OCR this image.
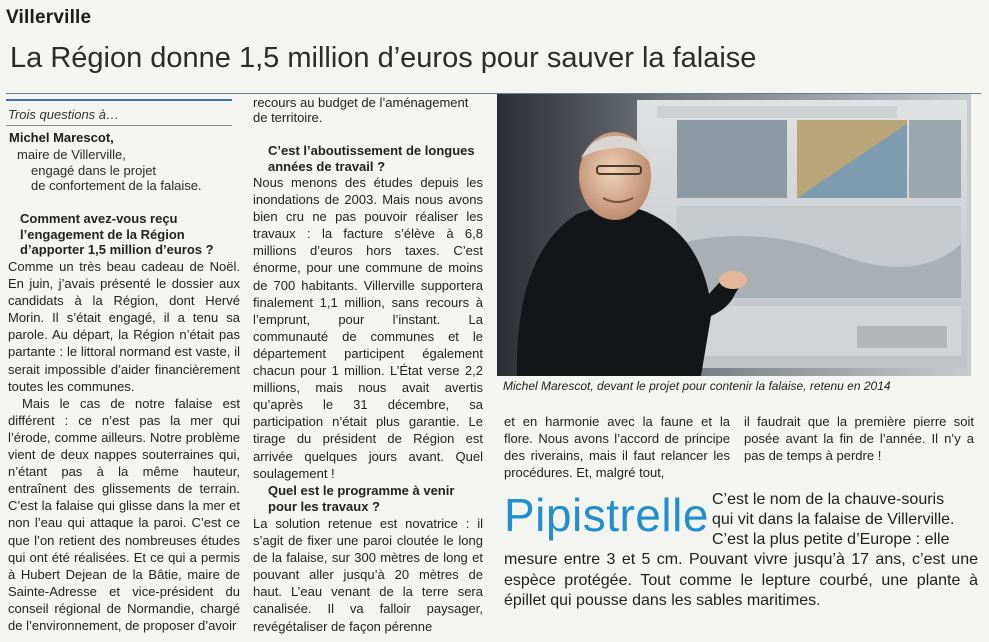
Villerville
La Région donne 1,5 million d’euros pour sauver la falaise
Trois questions à…
Michel Marescot,
maire de Villerville,
engagé dans le projet
de confortement de la falaise.
Comment avez-vous reçu l’engagement de la Région d’apporter 1,5 million d’euros ?

Comme un très beau cadeau de Noël. En juin, j’avais présenté le dossier aux candidats à la Région, dont Hervé Morin. Il s’était engagé, il a tenu sa parole. Au départ, la Région n’était pas partante : le littoral normand est vaste, il serait impossible d’aider financièrement toutes les communes.

Mais le cas de notre falaise est différent : ce n’est pas la mer qui l’érode, comme ailleurs. Notre problème vient de deux nappes souterraines qui, n’étant pas à la même hauteur, entraînent des glissements de terrain. C’est la falaise qui glisse dans la mer et non l’eau qui attaque la paroi. C’est ce que l’on retient des nombreuses études qui ont été réalisées. Et ce qui a permis à Hubert Dejean de la Bâtie, maire de Sainte-Adresse et vice-président du conseil régional de Normandie, chargé de l’environnement, de proposer d’avoir

recours au budget de l’aménagement de territoire.
C’est l’aboutissement de longues années de travail ?

Nous menons des études depuis les inondations de 2003. Mais nous avons bien cru ne pas pouvoir réaliser les travaux : la facture s’élève à 6,8 millions d’euros hors taxes. C’est énorme, pour une commune de moins de 700 habitants. Villerville supportera finalement 1,1 million, sans recours à l’emprunt, pour l’instant. La communauté de communes et le département participent également chacun pour 1 million. L’État verse 2,2 millions, mais nous avait avertis qu’après le 31 décembre, sa participation n’était plus garantie. Le tirage du président de Région est arrivée quelques jours avant. Quel soulagement !

Quel est le programme à venir pour les travaux ?

La solution retenue est novatrice : il s’agit de fixer une paroi cloutée le long de la falaise, sur 300 mètres de long et pouvant aller jusqu’à 20 mètres de haut. L’eau venant de la terre sera canalisée. Il va falloir paysager, revégétaliser de façon pérenne

Michel Marescot, devant le projet pour contenir la falaise, retenu en 2014

et en harmonie avec la faune et la flore. Nous avons l’accord de principe des riverains, mais il faut relancer les procédures. Et, malgré tout,

il faudrait que la première pierre soit posée avant la fin de l’année. Il n’y a pas de temps à perdre !

Pipistrelle C’est le nom de la chauve-souris
qui vit dans la falaise de Villerville.
C’est la plus petite d’Europe : elle
mesure entre 3 et 5 cm. Pouvant vivre jusqu’à 17 ans, c’est une espèce protégée. Tout comme le lepture courbé, une plante à épillet qui pousse dans les sables maritimes.
